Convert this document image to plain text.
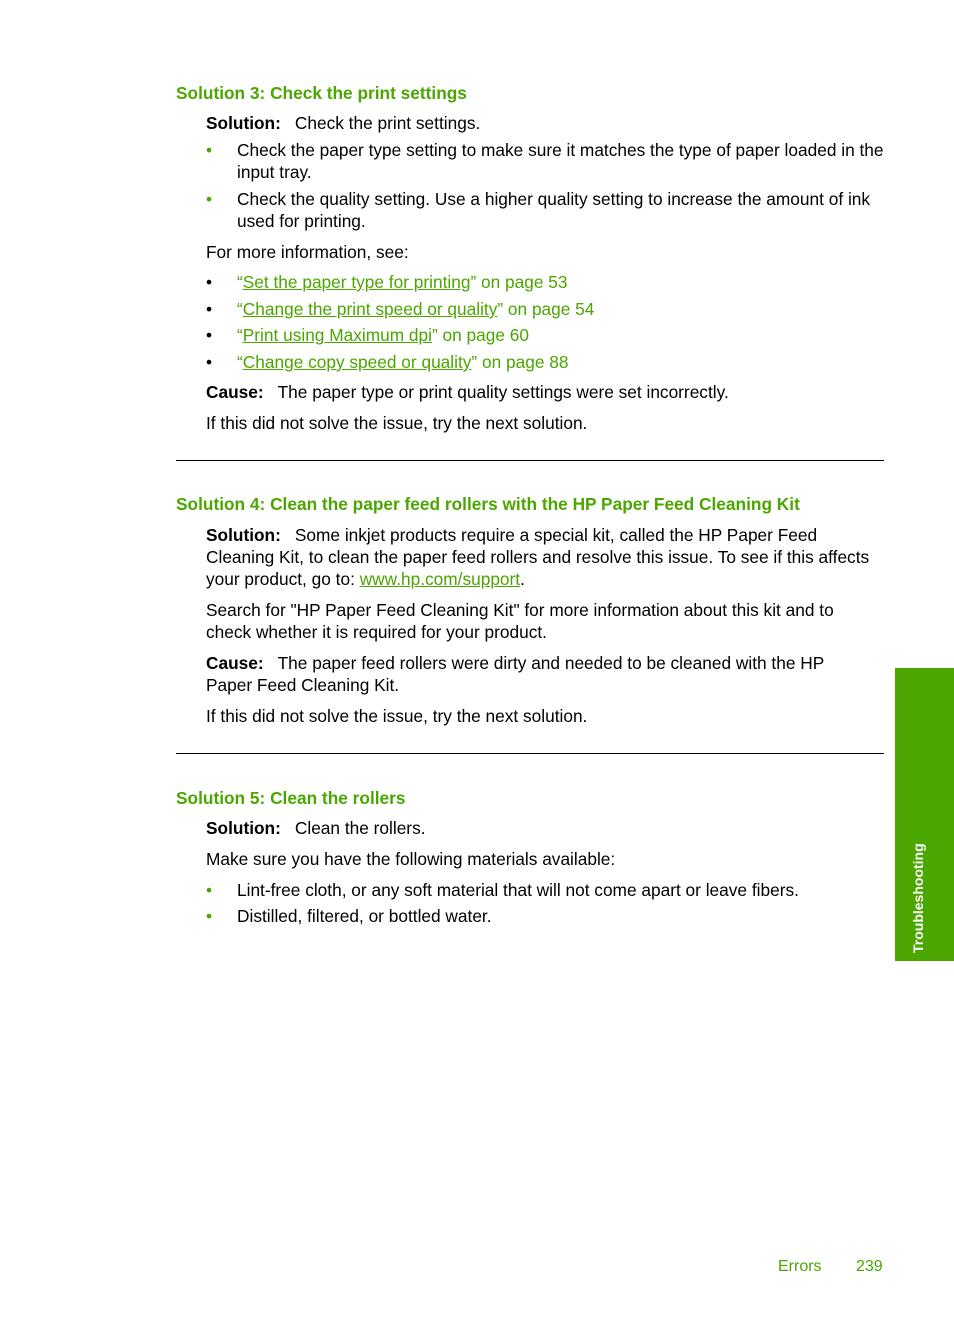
Solution 3: Check the print settings

Solution: Check the print settings.

• Check the paper type setting to make sure it matches the type of paper loaded in the input tray.

• Check the quality setting. Use a higher quality setting to increase the amount of ink used for printing.

For more information, see:

• “Set the paper type for printing” on page 53

• “Change the print speed or quality” on page 54

• “Print using Maximum dpi” on page 60

• “Change copy speed or quality” on page 88

Cause: The paper type or print quality settings were set incorrectly.

If this did not solve the issue, try the next solution.

Solution 4: Clean the paper feed rollers with the HP Paper Feed Cleaning Kit

Solution: Some inkjet products require a special kit, called the HP Paper Feed Cleaning Kit, to clean the paper feed rollers and resolve this issue. To see if this affects your product, go to: www.hp.com/support.

Search for "HP Paper Feed Cleaning Kit" for more information about this kit and to check whether it is required for your product.

Cause: The paper feed rollers were dirty and needed to be cleaned with the HP Paper Feed Cleaning Kit.

If this did not solve the issue, try the next solution.

Solution 5: Clean the rollers

Solution: Clean the rollers.

Make sure you have the following materials available:

• Lint-free cloth, or any soft material that will not come apart or leave fibers.

• Distilled, filtered, or bottled water.	Troubleshooting
Errors 239
